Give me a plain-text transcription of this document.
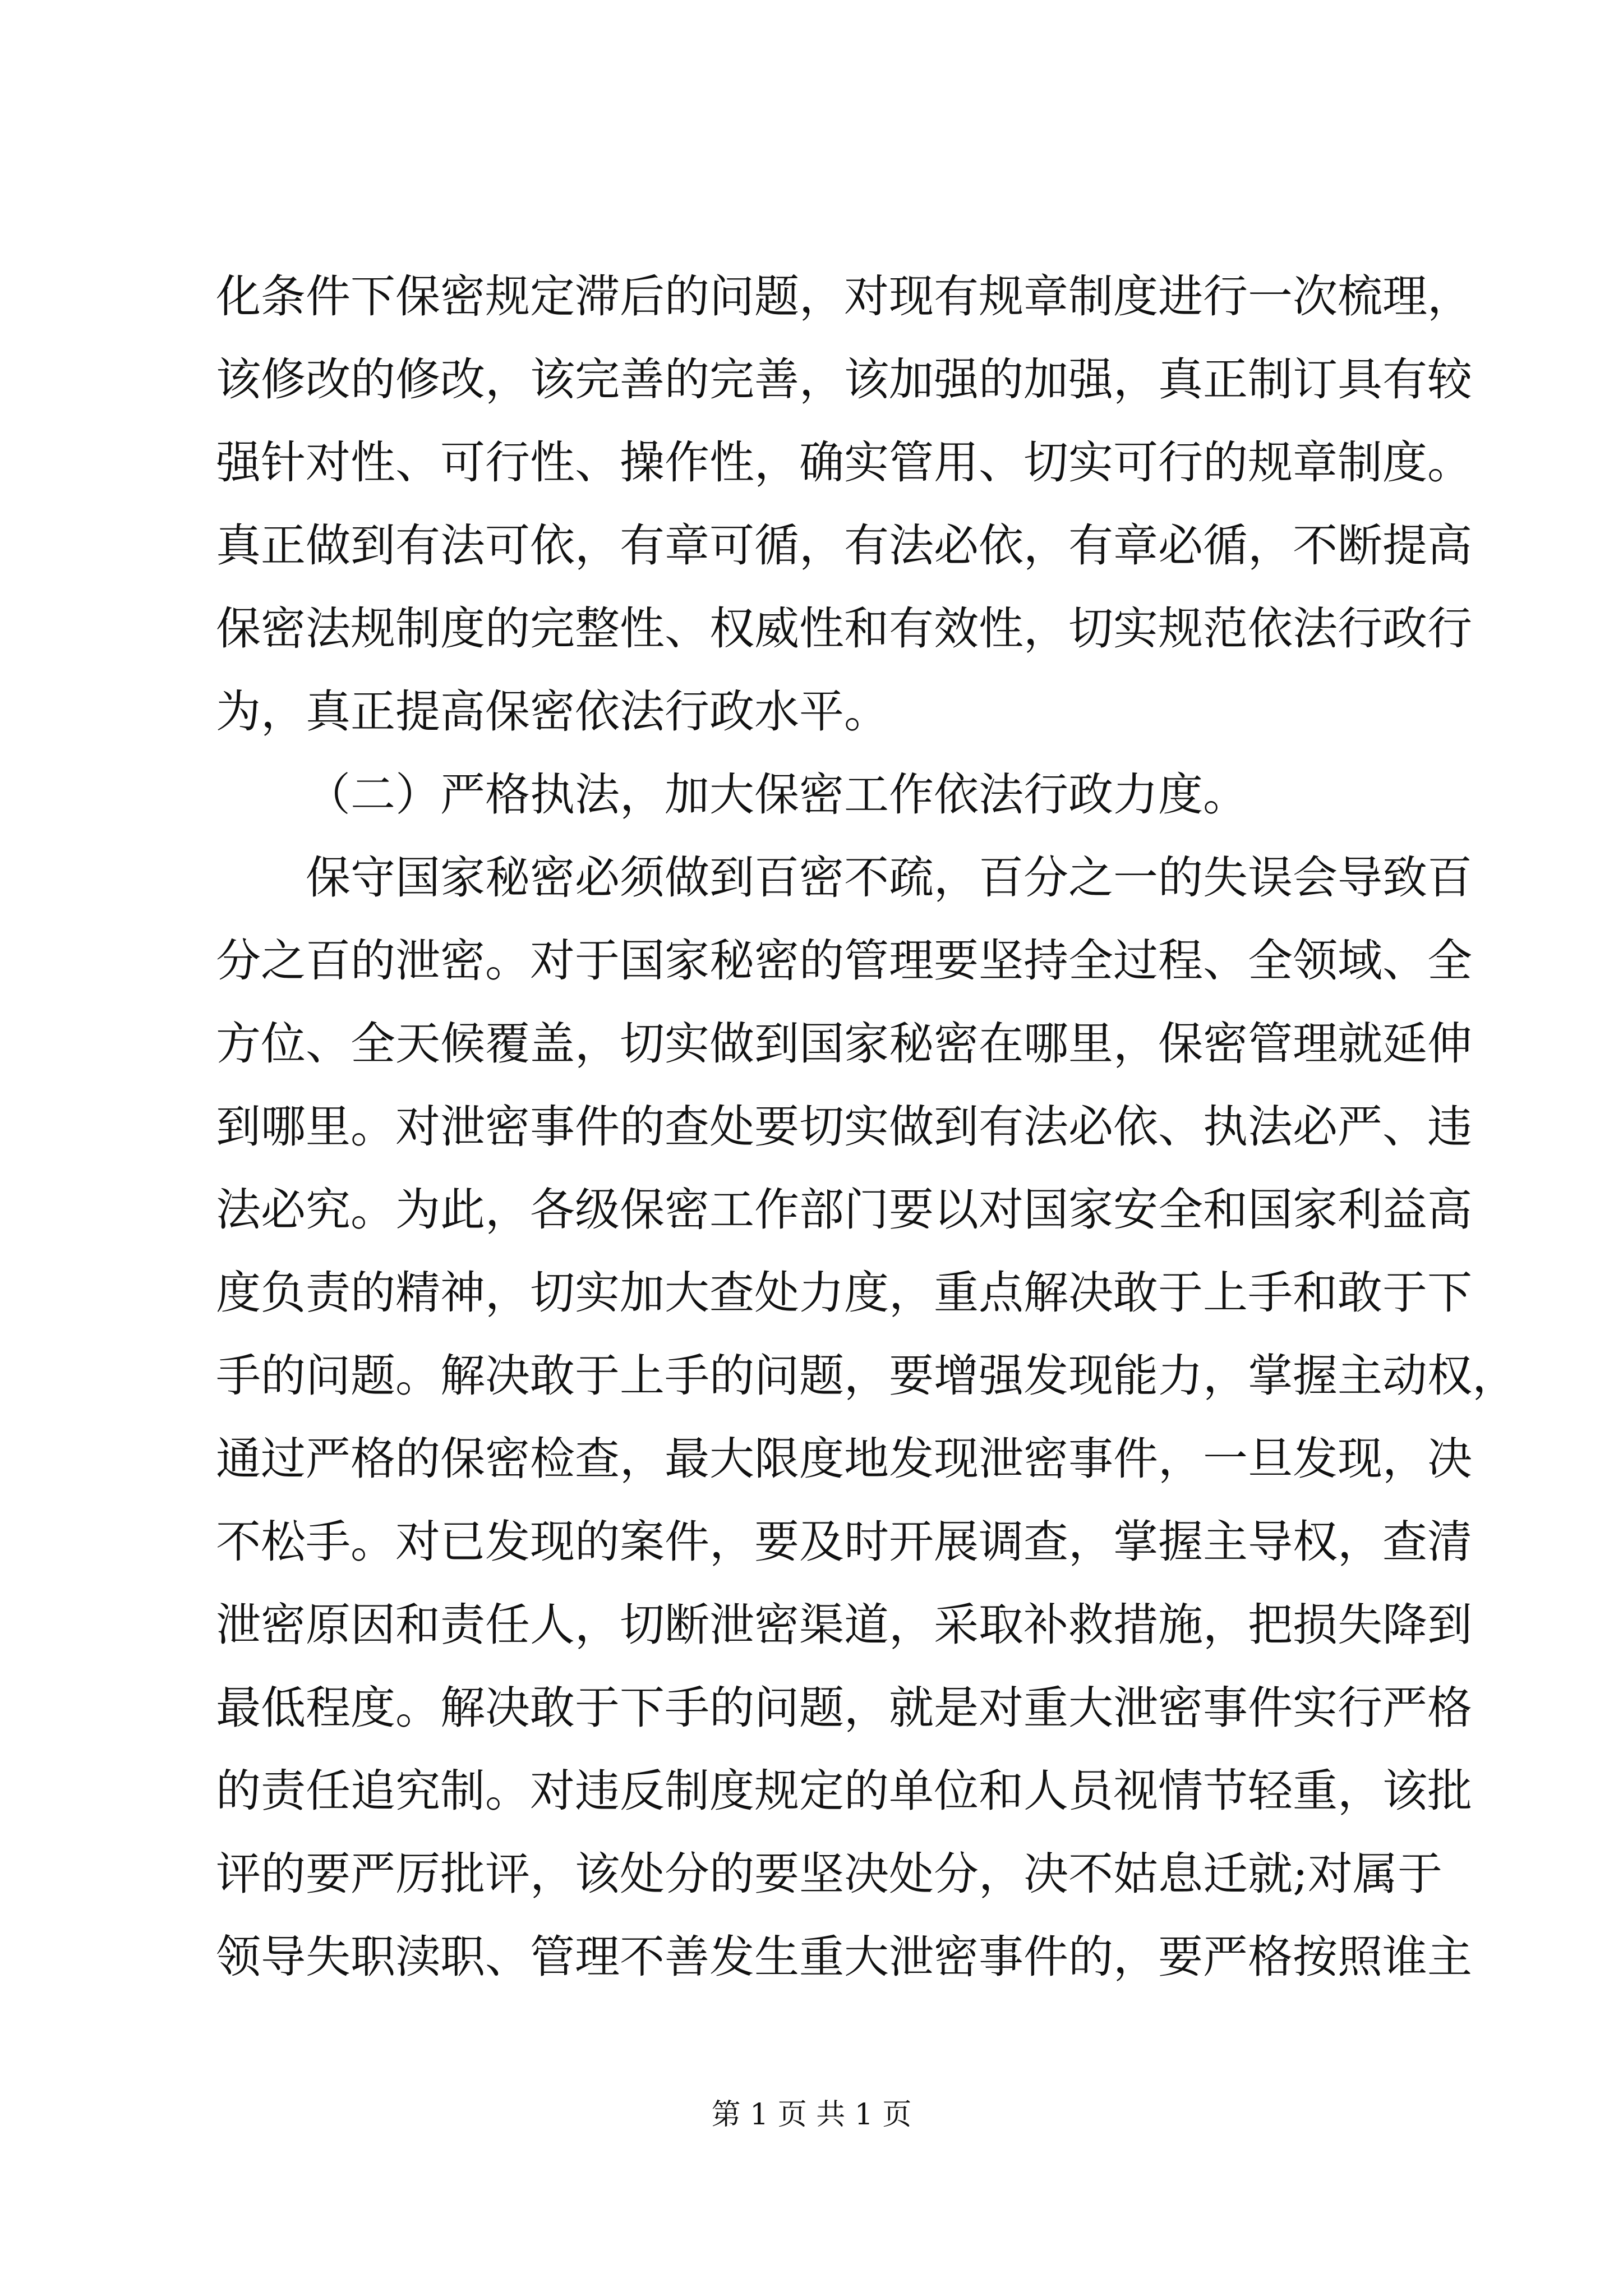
化条件下保密规定滞后的问题，对现有规章制度进行一次梳理，
该修改的修改，该完善的完善，该加强的加强，真正制订具有较
强针对性、可行性、操作性，确实管用、切实可行的规章制度。
真正做到有法可依，有章可循，有法必依，有章必循，不断提高
保密法规制度的完整性、权威性和有效性，切实规范依法行政行
为，真正提高保密依法行政水平。
（二）严格执法，加大保密工作依法行政力度。
保守国家秘密必须做到百密不疏，百分之一的失误会导致百
分之百的泄密。对于国家秘密的管理要坚持全过程、全领域、全
方位、全天候覆盖，切实做到国家秘密在哪里，保密管理就延伸
到哪里。对泄密事件的查处要切实做到有法必依、执法必严、违
法必究。为此，各级保密工作部门要以对国家安全和国家利益高
度负责的精神，切实加大查处力度，重点解决敢于上手和敢于下
手的问题。解决敢于上手的问题，要增强发现能力，掌握主动权，
通过严格的保密检查，最大限度地发现泄密事件，一旦发现，决
不松手。对已发现的案件，要及时开展调查，掌握主导权，查清
泄密原因和责任人，切断泄密渠道，采取补救措施，把损失降到
最低程度。解决敢于下手的问题，就是对重大泄密事件实行严格
的责任追究制。对违反制度规定的单位和人员视情节轻重，该批
评的要严厉批评，该处分的要坚决处分，决不姑息迁就;对属于
领导失职渎职、管理不善发生重大泄密事件的，要严格按照谁主
第 1 页 共 1 页
